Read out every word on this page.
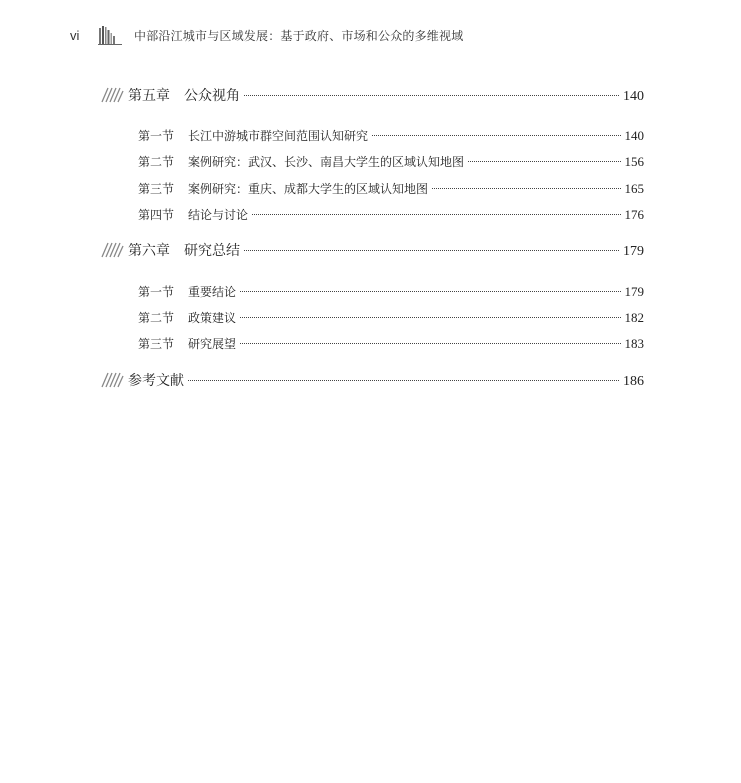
vi	中部沿江城市与区域发展：基于政府、市场和公众的多维视域
第五章 公众视角	140
第一节 长江中游城市群空间范围认知研究	140
第二节 案例研究：武汉、长沙、南昌大学生的区域认知地图	156
第三节 案例研究：重庆、成都大学生的区域认知地图	165
第四节 结论与讨论	176
第六章 研究总结	179
第一节 重要结论	179
第二节 政策建议	182
第三节 研究展望	183
参考文献	186
